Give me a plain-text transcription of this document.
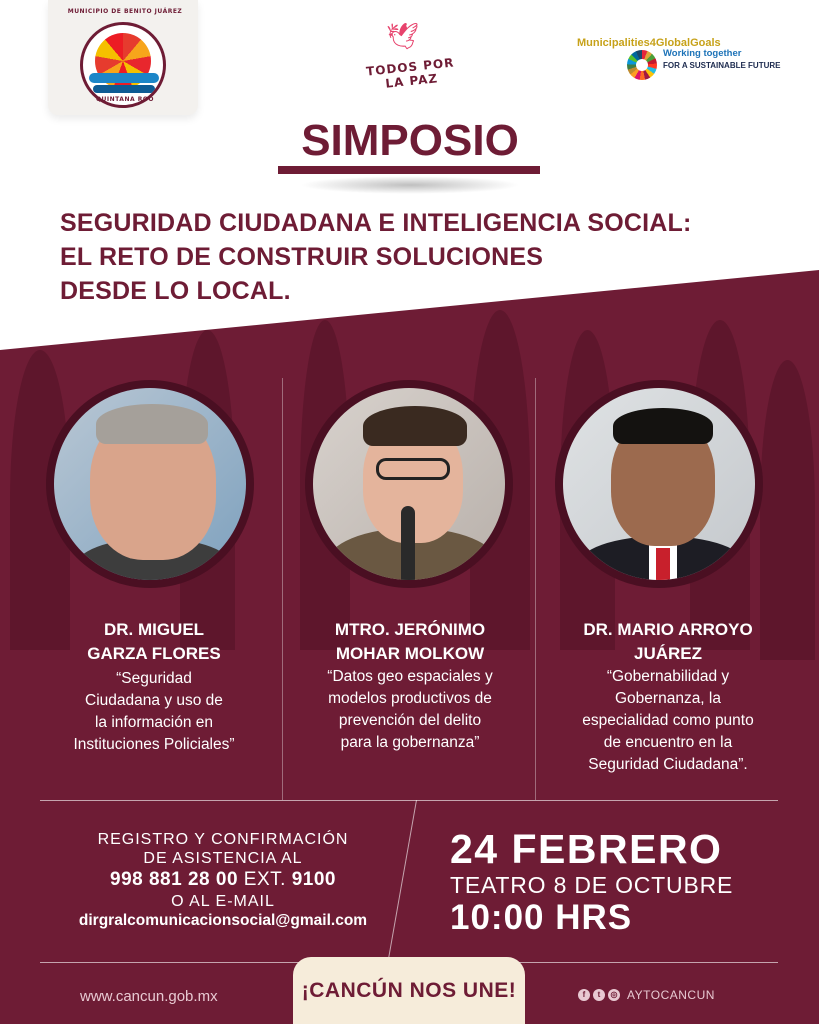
MUNICIPIO DE BENITO JUÁREZ
QUINTANA ROO
🕊
TODOS POR LA PAZ
Municipalities4GlobalGoals
Working together
FOR A SUSTAINABLE FUTURE
SIMPOSIO
SEGURIDAD CIUDADANA E INTELIGENCIA SOCIAL:
EL RETO DE CONSTRUIR SOLUCIONES
DESDE LO LOCAL.
DR. MIGUEL
GARZA FLORES
“Seguridad
Ciudadana y uso de
la información en
Instituciones Policiales”
MTRO. JERÓNIMO
MOHAR MOLKOW
“Datos geo espaciales y
modelos productivos de
prevención del delito
para la gobernanza”
DR. MARIO ARROYO
JUÁREZ
“Gobernabilidad y
Gobernanza, la
especialidad como punto
de encuentro en la
Seguridad Ciudadana”.
REGISTRO Y CONFIRMACIÓN
DE ASISTENCIA AL
998 881 28 00 EXT. 9100
O AL E-MAIL
dirgralcomunicacionsocial@gmail.com
24 FEBRERO
TEATRO 8 DE OCTUBRE
10:00 HRS
www.cancun.gob.mx	¡CANCÚN NOS UNE!	f	t	◎ AYTOCANCUN
